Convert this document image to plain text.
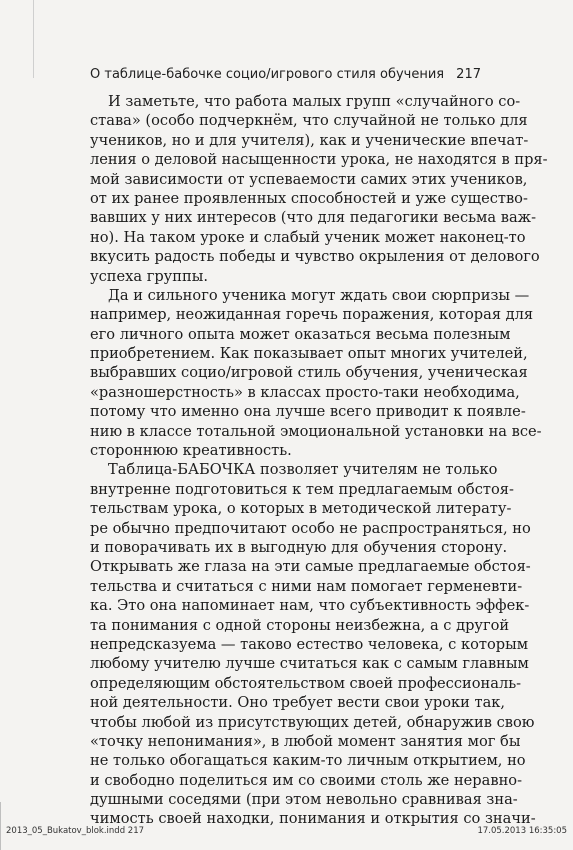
О таблице-бабочке социо/игрового стиля обучения 217
И заметьте, что работа малых групп «случайного со-
става» (особо подчеркнём, что случайной не только для
учеников, но и для учителя), как и ученические впечат-
ления о деловой насыщенности урока, не находятся в пря-
мой зависимости от успеваемости самих этих учеников,
от их ранее проявленных способностей и уже существо-
вавших у них интересов (что для педагогики весьма важ-
но). На таком уроке и слабый ученик может наконец-то
вкусить радость победы и чувство окрыления от делового
успеха группы.
Да и сильного ученика могут ждать свои сюрпризы —
например, неожиданная горечь поражения, которая для
его личного опыта может оказаться весьма полезным
приобретением. Как показывает опыт многих учителей,
выбравших социо/игровой стиль обучения, ученическая
«разношерстность» в классах просто-таки необходима,
потому что именно она лучше всего приводит к появле-
нию в классе тотальной эмоциональной установки на все-
стороннюю креативность.
Таблица-БАБОЧКА позволяет учителям не только
внутренне подготовиться к тем предлагаемым обстоя-
тельствам урока, о которых в методической литерату-
ре обычно предпочитают особо не распространяться, но
и поворачивать их в выгодную для обучения сторону.
Открывать же глаза на эти самые предлагаемые обстоя-
тельства и считаться с ними нам помогает герменевти-
ка. Это она напоминает нам, что субъективность эффек-
та понимания с одной стороны неизбежна, а с другой
непредсказуема — таково естество человека, с которым
любому учителю лучше считаться как с самым главным
определяющим обстоятельством своей профессиональ-
ной деятельности. Оно требует вести свои уроки так,
чтобы любой из присутствующих детей, обнаружив свою
«точку непонимания», в любой момент занятия мог бы
не только обогащаться каким-то личным открытием, но
и свободно поделиться им со своими столь же неравно-
душными соседями (при этом невольно сравнивая зна-
чимость своей находки, понимания и открытия со значи-
2013_05_Bukatov_blok.indd 217	17.05.2013 16:35:05
